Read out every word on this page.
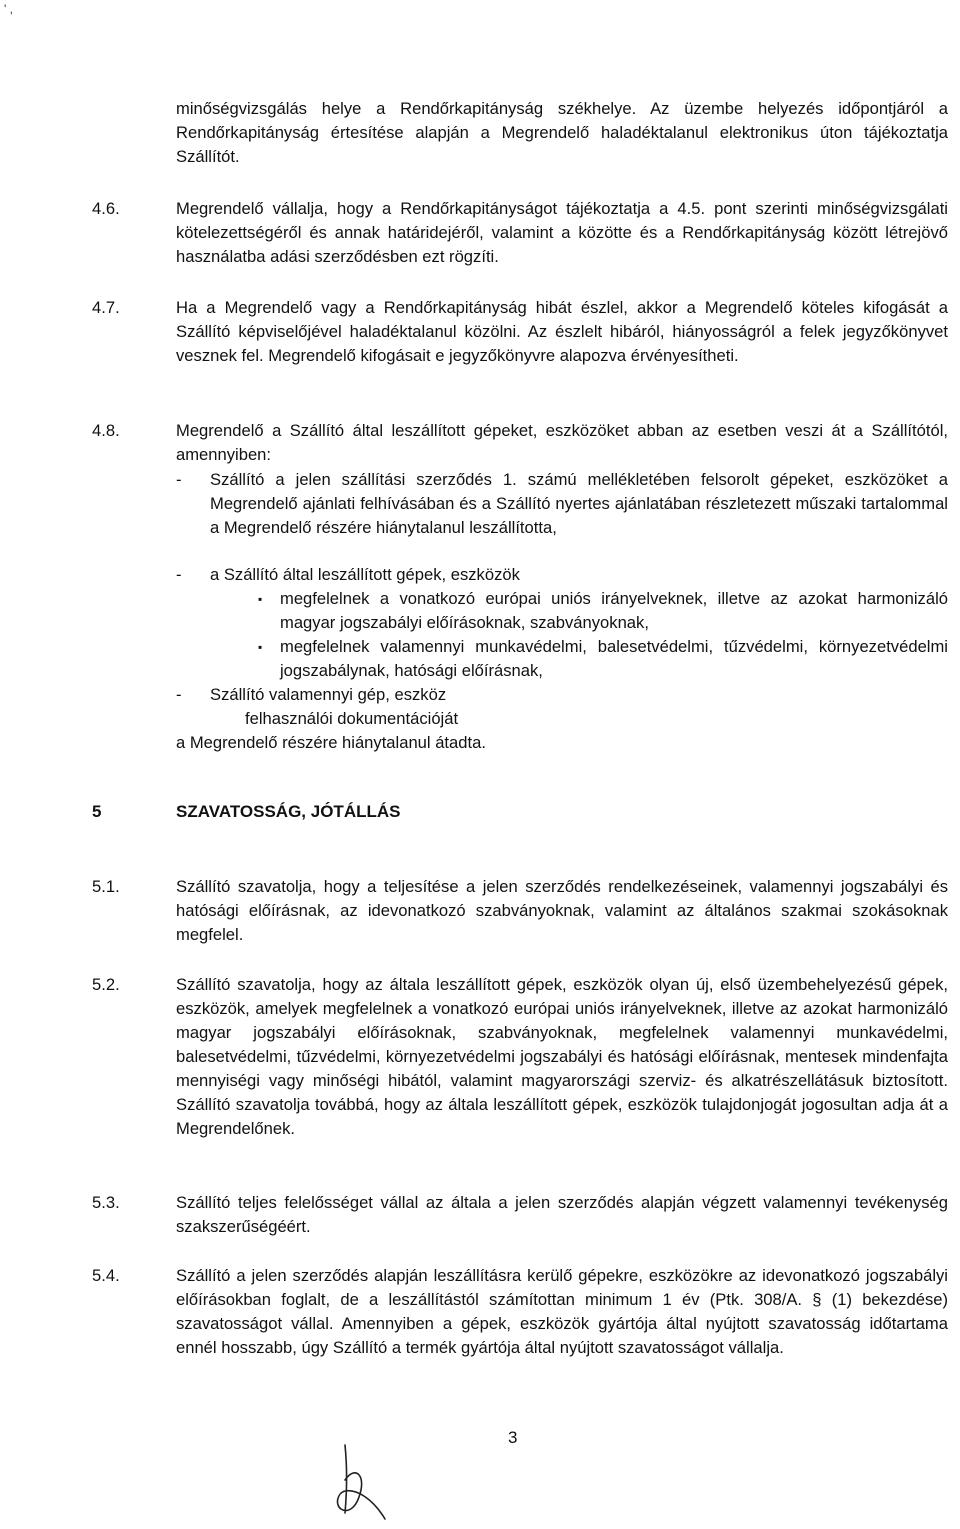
' ,
minőségvizsgálás helye a Rendőrkapitányság székhelye. Az üzembe helyezés időpontjáról a Rendőrkapitányság értesítése alapján a Megrendelő haladéktalanul elektronikus úton tájékoztatja Szállítót.
4.6.	Megrendelő vállalja, hogy a Rendőrkapitányságot tájékoztatja a 4.5. pont szerinti minőségvizsgálati kötelezettségéről és annak határidejéről, valamint a közötte és a Rendőrkapitányság között létrejövő használatba adási szerződésben ezt rögzíti.
4.7.	Ha a Megrendelő vagy a Rendőrkapitányság hibát észlel, akkor a Megrendelő köteles kifogását a Szállító képviselőjével haladéktalanul közölni. Az észlelt hibáról, hiányosságról a felek jegyzőkönyvet vesznek fel. Megrendelő kifogásait e jegyzőkönyvre alapozva érvényesítheti.
4.8.	Megrendelő a Szállító által leszállított gépeket, eszközöket abban az esetben veszi át a Szállítótól, amennyiben:
- Szállító a jelen szállítási szerződés 1. számú mellékletében felsorolt gépeket, eszközöket a Megrendelő ajánlati felhívásában és a Szállító nyertes ajánlatában részletezett műszaki tartalommal a Megrendelő részére hiánytalanul leszállította,
- a Szállító által leszállított gépek, eszközök
▪ megfelelnek a vonatkozó európai uniós irányelveknek, illetve az azokat harmonizáló magyar jogszabályi előírásoknak, szabványoknak,
▪ megfelelnek valamennyi munkavédelmi, balesetvédelmi, tűzvédelmi, környezetvédelmi jogszabálynak, hatósági előírásnak,
- Szállító valamennyi gép, eszköz
felhasználói dokumentációját
a Megrendelő részére hiánytalanul átadta.
5	SZAVATOSSÁG, JÓTÁLLÁS
5.1.	Szállító szavatolja, hogy a teljesítése a jelen szerződés rendelkezéseinek, valamennyi jogszabályi és hatósági előírásnak, az idevonatkozó szabványoknak, valamint az általános szakmai szokásoknak megfelel.
5.2.	Szállító szavatolja, hogy az általa leszállított gépek, eszközök olyan új, első üzembehelyezésű gépek, eszközök, amelyek megfelelnek a vonatkozó európai uniós irányelveknek, illetve az azokat harmonizáló magyar jogszabályi előírásoknak, szabványoknak, megfelelnek valamennyi munkavédelmi, balesetvédelmi, tűzvédelmi, környezetvédelmi jogszabályi és hatósági előírásnak, mentesek mindenfajta mennyiségi vagy minőségi hibától, valamint magyarországi szerviz- és alkatrészellátásuk biztosított. Szállító szavatolja továbbá, hogy az általa leszállított gépek, eszközök tulajdonjogát jogosultan adja át a Megrendelőnek.
5.3.	Szállító teljes felelősséget vállal az általa a jelen szerződés alapján végzett valamennyi tevékenység szakszerűségéért.
5.4.	Szállító a jelen szerződés alapján leszállításra kerülő gépekre, eszközökre az idevonatkozó jogszabályi előírásokban foglalt, de a leszállítástól számítottan minimum 1 év (Ptk. 308/A. § (1) bekezdése) szavatosságot vállal. Amennyiben a gépek, eszközök gyártója által nyújtott szavatosság időtartama ennél hosszabb, úgy Szállító a termék gyártója által nyújtott szavatosságot vállalja.
3
